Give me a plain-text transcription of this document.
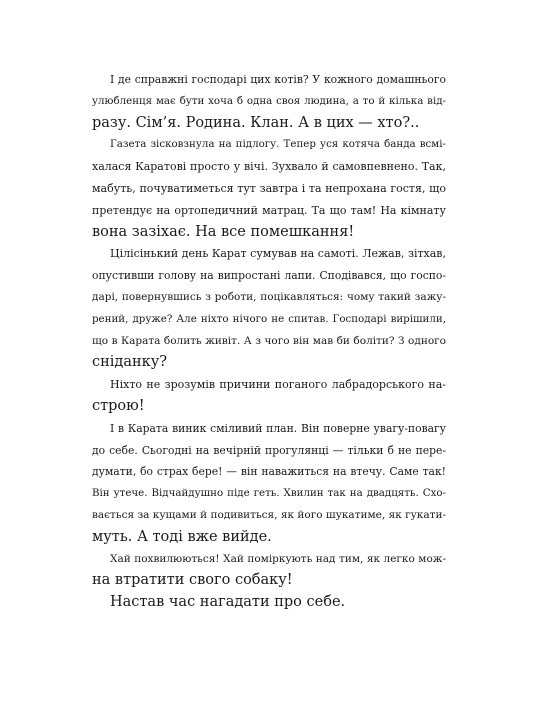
І де справжні господарі цих котів? У кожного домашнього
улюбленця має бути хоча б одна своя людина, а то й кілька від-
разу. Сім’я. Родина. Клан. А в цих — хто?..
Газета зісковзнула на підлогу. Тепер уся котяча банда всмі-
халася Каратові просто у вічі. Зухвало й самовпевнено. Так,
мабуть, почуватиметься тут завтра і та непрохана гостя, що
претендує на ортопедичний матрац. Та що там! На кімнату
вона зазіхає. На все помешкання!
Цілісінький день Карат сумував на самоті. Лежав, зітхав,
опустивши голову на випростані лапи. Сподівався, що госпо-
дарі, повернувшись з роботи, поцікавляться: чому такий зажу-
рений, друже? Але ніхто нічого не спитав. Господарі вирішили,
що в Карата болить живіт. А з чого він мав би боліти? З одного
сніданку?
Ніхто не зрозумів причини поганого лабрадорського на-
строю!
І в Карата виник сміливий план. Він поверне увагу-повагу
до себе. Сьогодні на вечірній прогулянці — тільки б не пере-
думати, бо страх бере! — він наважиться на втечу. Саме так!
Він утече. Відчайдушно піде геть. Хвилин так на двадцять. Схо-
вається за кущами й подивиться, як його шукатиме, як гукати-
муть. А тоді вже вийде.
Хай похвилюються! Хай поміркують над тим, як легко мож-
на втратити свого собаку!
Настав час нагадати про себе.
